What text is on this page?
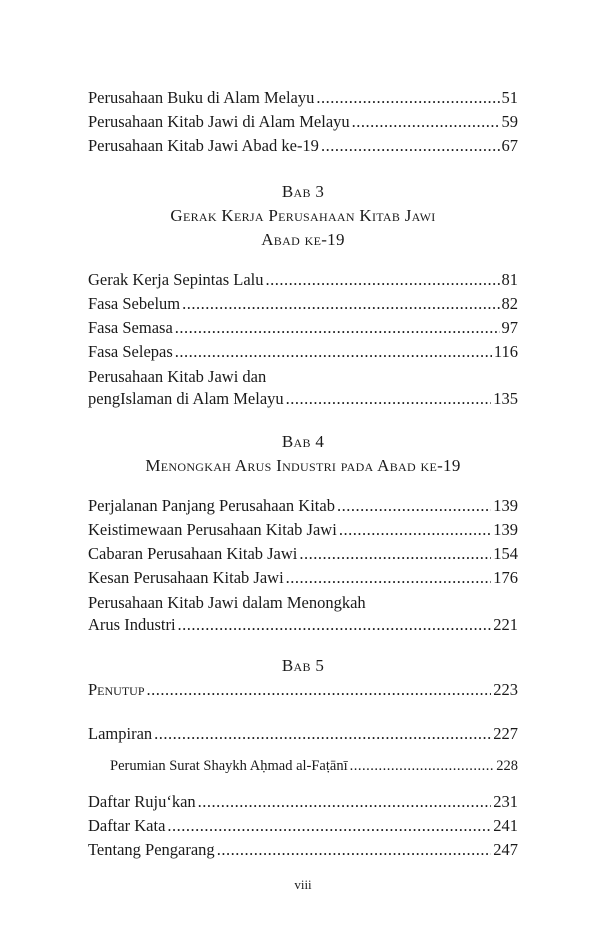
Perusahaan Buku di Alam Melayu .....	51
Perusahaan Kitab Jawi di Alam Melayu .....	59
Perusahaan Kitab Jawi Abad ke-19 .....	67
Bab 3
Gerak Kerja Perusahaan Kitab Jawi
Abad ke-19
Gerak Kerja Sepintas Lalu .....	81
Fasa Sebelum .....	82
Fasa Semasa .....	97
Fasa Selepas .....	116
Perusahaan Kitab Jawi dan
pengIslaman di Alam Melayu .....	135
Bab 4
Menongkah Arus Industri pada Abad ke-19
Perjalanan Panjang Perusahaan Kitab .....	139
Keistimewaan Perusahaan Kitab Jawi .....	139
Cabaran Perusahaan Kitab Jawi .....	154
Kesan Perusahaan Kitab Jawi .....	176
Perusahaan Kitab Jawi dalam Menongkah
Arus Industri .....	221
Bab 5
Penutup .....	223
Lampiran .....	227
Perumian Surat Shaykh Aḥmad al-Faṭānī .....	228
Daftar Ruju‘kan .....	231
Daftar Kata .....	241
Tentang Pengarang .....	247
viii
